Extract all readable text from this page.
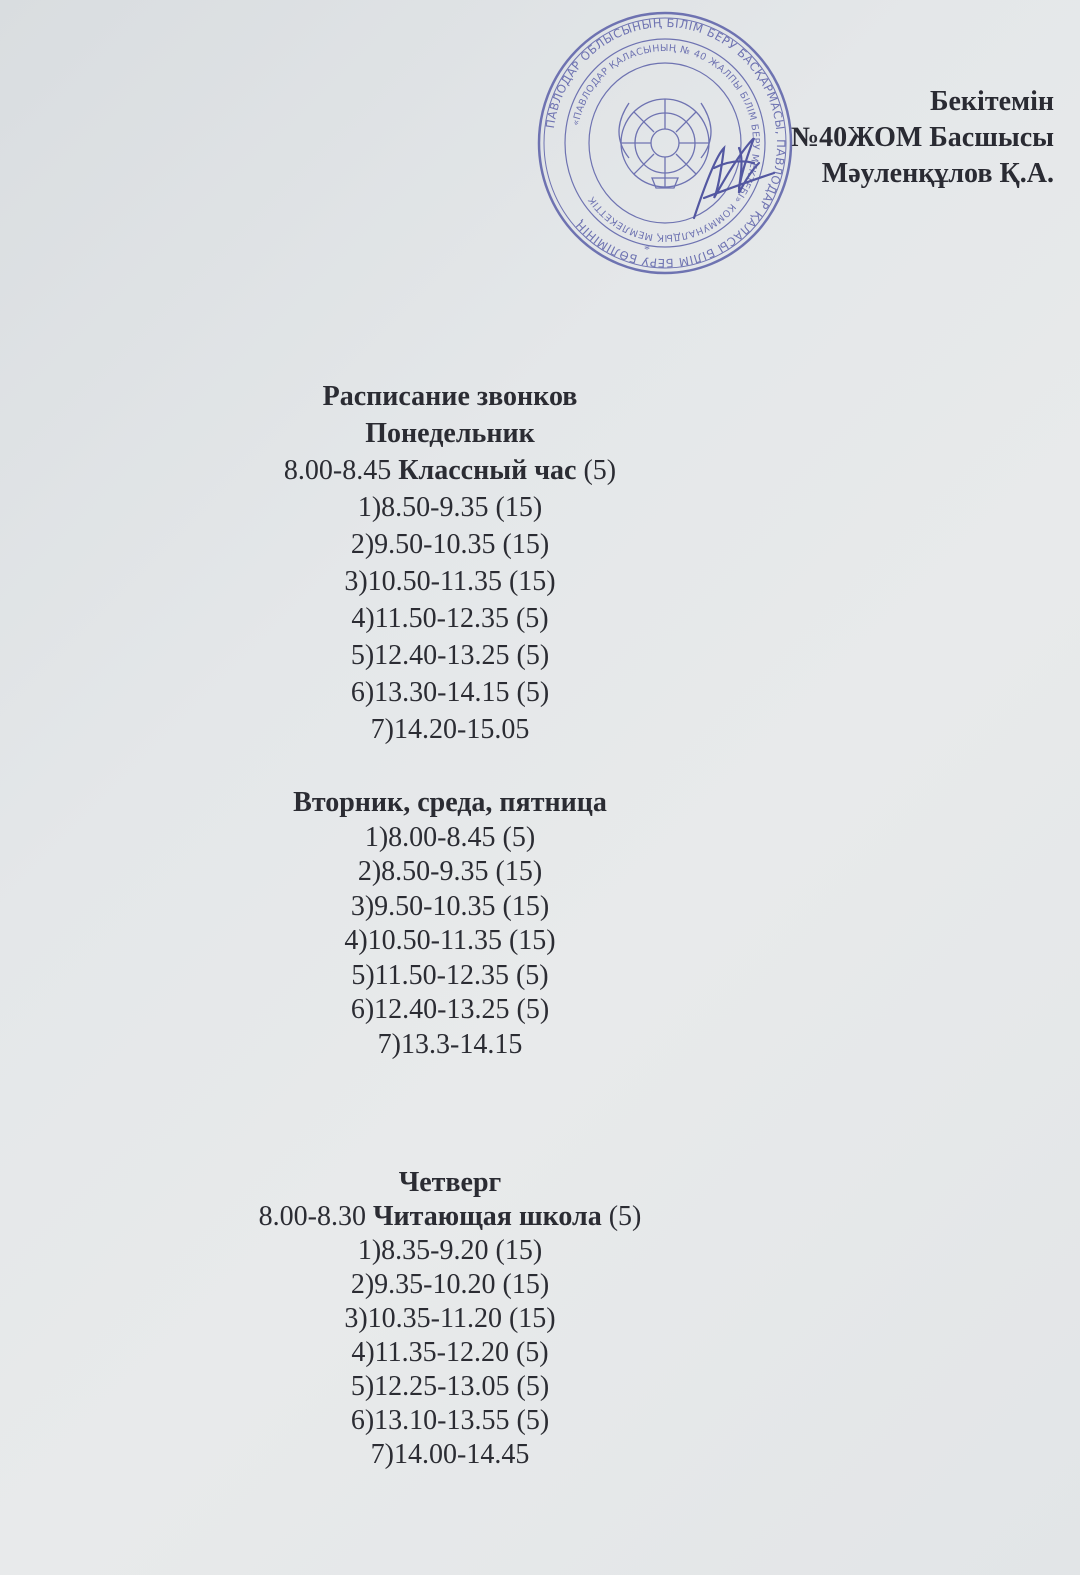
Бекітемін
№40ЖОМ Басшысы
Мәуленқұлов Қ.А.
ПАВЛОДАР ОБЛЫСЫНЫҢ БІЛІМ БЕРУ БАСҚАРМАСЫ, ПАВЛОДАР ҚАЛАСЫ БІЛІМ БЕРУ БӨЛІМІНІҢ
«ПАВЛОДАР ҚАЛАСЫНЫҢ № 40 ЖАЛПЫ БІЛІМ БЕРУ МЕКТЕБІ» КОММУНАЛДЫҚ МЕМЛЕКЕТТІК
*
Расписание звонков
Понедельник
8.00-8.45 Классный час (5)
1)8.50-9.35 (15)
2)9.50-10.35 (15)
3)10.50-11.35 (15)
4)11.50-12.35 (5)
5)12.40-13.25 (5)
6)13.30-14.15 (5)
7)14.20-15.05
Вторник, среда, пятница
1)8.00-8.45 (5)
2)8.50-9.35 (15)
3)9.50-10.35 (15)
4)10.50-11.35 (15)
5)11.50-12.35 (5)
6)12.40-13.25 (5)
7)13.3-14.15
Четверг
8.00-8.30 Читающая школа (5)
1)8.35-9.20 (15)
2)9.35-10.20 (15)
3)10.35-11.20 (15)
4)11.35-12.20 (5)
5)12.25-13.05 (5)
6)13.10-13.55 (5)
7)14.00-14.45
